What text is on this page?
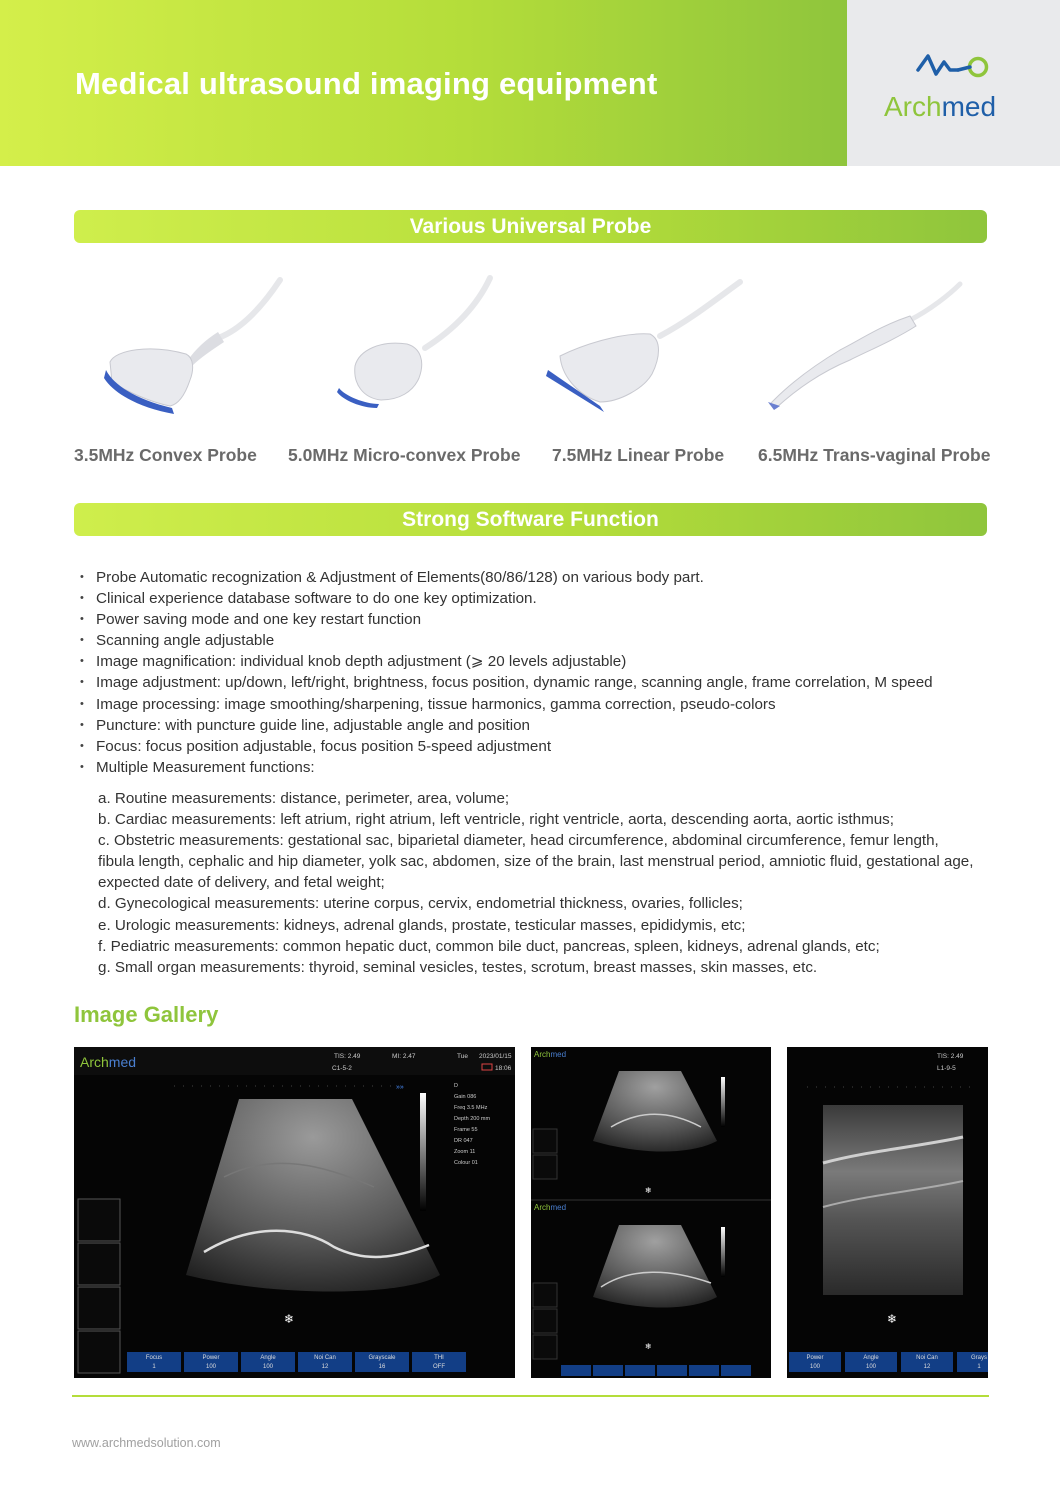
Medical ultrasound imaging equipment
Archmed
Various Universal Probe
3.5MHz Convex Probe 5.0MHz Micro-convex Probe 7.5MHz Linear Probe 6.5MHz Trans-vaginal Probe
Strong Software Function
• Probe Automatic recognization & Adjustment of Elements(80/86/128) on various body part.
• Clinical experience database software to do one key optimization.
• Power saving mode and one key restart function
• Scanning angle adjustable
• Image magnification: individual knob depth adjustment (⩾ 20 levels adjustable)
• Image adjustment: up/down, left/right, brightness, focus position, dynamic range, scanning angle, frame correlation, M speed
• Image processing: image smoothing/sharpening, tissue harmonics, gamma correction, pseudo-colors
• Puncture: with puncture guide line, adjustable angle and position
• Focus: focus position adjustable, focus position 5-speed adjustment
• Multiple Measurement functions:

a. Routine measurements: distance, perimeter, area, volume;

b. Cardiac measurements: left atrium, right atrium, left ventricle, right ventricle, aorta, descending aorta, aortic isthmus;

c. Obstetric measurements: gestational sac, biparietal diameter, head circumference, abdominal circumference, femur length, fibula length, cephalic and hip diameter, yolk sac, abdomen, size of the brain, last menstrual period, amniotic fluid, gestational age, expected date of delivery, and fetal weight;

d. Gynecological measurements: uterine corpus, cervix, endometrial thickness, ovaries, follicles;

e. Urologic measurements: kidneys, adrenal glands, prostate, testicular masses, epididymis, etc;

f. Pediatric measurements: common hepatic duct, common bile duct, pancreas, spleen, kidneys, adrenal glands, etc;

g. Small organ measurements: thyroid, seminal vesicles, testes, scrotum, breast masses, skin masses, etc.

Image Gallery
Archmed	TIS: 2.49	MI: 2.47
C1-5-2
Tue 2023/01/15
18:06
»»	D
Gain 086
Freq 3.5 MHz
Depth 200 mm
Frame 55
DR 047
Zoom 11
Colour 01
❄
Focus
1
Power
100
Angle
100
Noi Can
12
Grayscale
16
THI
OFF
Archmed
❄
Archmed
❄
TIS: 2.49
L1-9-5
❄
Power
100
Angle
100
Noi Can
12
Grays
1
www.archmedsolution.com
